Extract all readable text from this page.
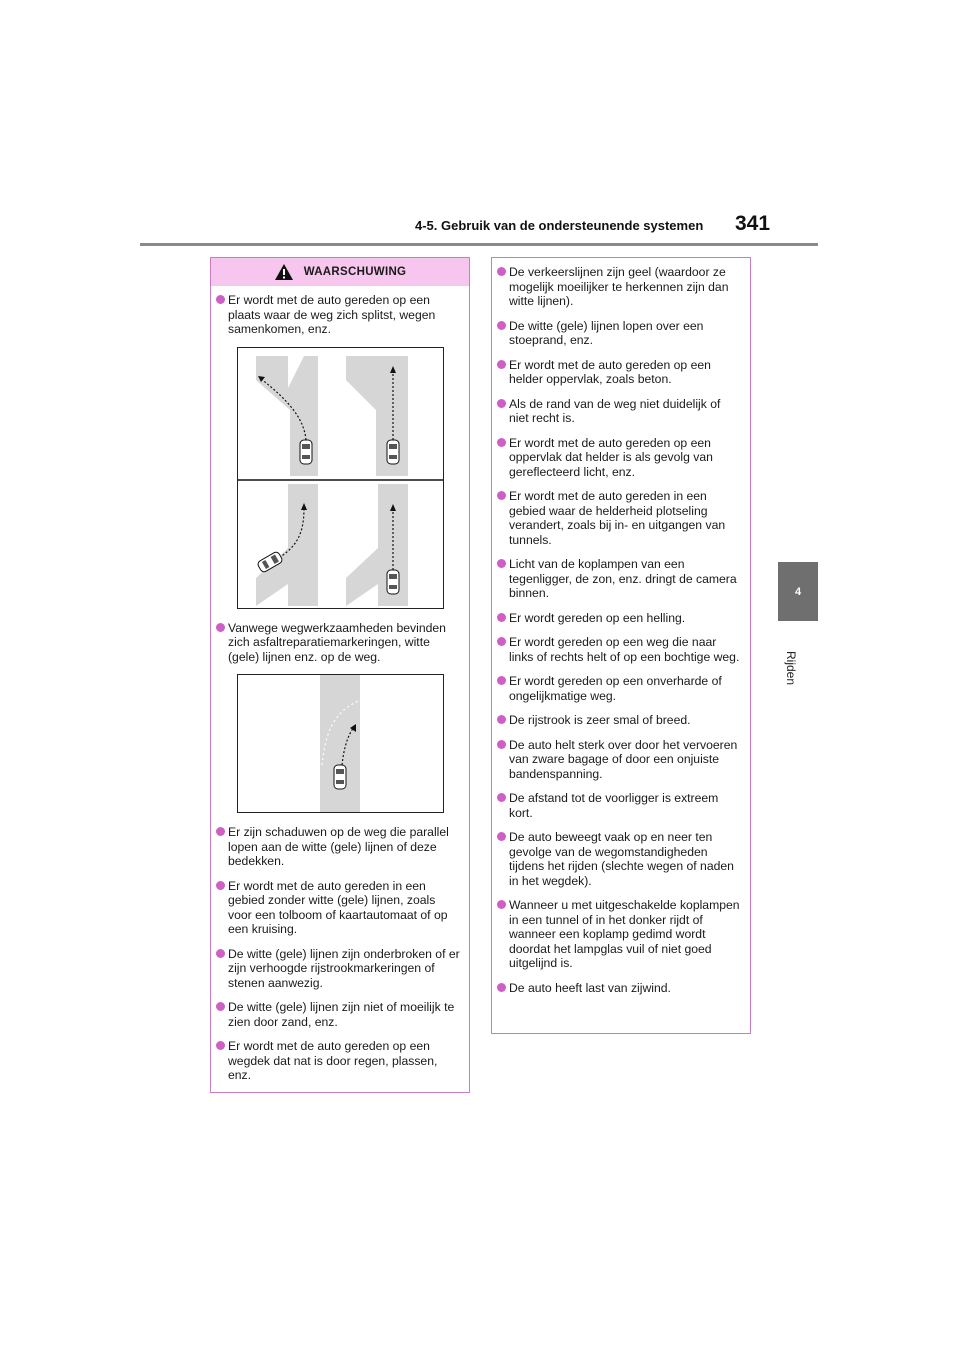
4-5. Gebruik van de ondersteunende systemen 341
4
Rijden
WAARSCHUWING
Er wordt met de auto gereden op een plaats waar de weg zich splitst, wegen samenkomen, enz.
Vanwege wegwerkzaamheden bevinden zich asfaltreparatiemarkeringen, witte (gele) lijnen enz. op de weg.
Er zijn schaduwen op de weg die parallel lopen aan de witte (gele) lijnen of deze bedekken.
Er wordt met de auto gereden in een gebied zonder witte (gele) lijnen, zoals voor een tolboom of kaartautomaat of op een kruising.
De witte (gele) lijnen zijn onderbroken of er zijn verhoogde rijstrookmarkeringen of stenen aanwezig.
De witte (gele) lijnen zijn niet of moeilijk te zien door zand, enz.
Er wordt met de auto gereden op een wegdek dat nat is door regen, plassen, enz.
De verkeerslijnen zijn geel (waardoor ze mogelijk moeilijker te herkennen zijn dan witte lijnen).
De witte (gele) lijnen lopen over een stoeprand, enz.
Er wordt met de auto gereden op een helder oppervlak, zoals beton.
Als de rand van de weg niet duidelijk of niet recht is.
Er wordt met de auto gereden op een oppervlak dat helder is als gevolg van gereflecteerd licht, enz.
Er wordt met de auto gereden in een gebied waar de helderheid plotseling verandert, zoals bij in- en uitgangen van tunnels.
Licht van de koplampen van een tegenligger, de zon, enz. dringt de camera binnen.
Er wordt gereden op een helling.
Er wordt gereden op een weg die naar links of rechts helt of op een bochtige weg.
Er wordt gereden op een onverharde of ongelijkmatige weg.
De rijstrook is zeer smal of breed.
De auto helt sterk over door het vervoeren van zware bagage of door een onjuiste bandenspanning.
De afstand tot de voorligger is extreem kort.
De auto beweegt vaak op en neer ten gevolge van de wegomstandigheden tijdens het rijden (slechte wegen of naden in het wegdek).
Wanneer u met uitgeschakelde koplampen in een tunnel of in het donker rijdt of wanneer een koplamp gedimd wordt doordat het lampglas vuil of niet goed uitgelijnd is.
De auto heeft last van zijwind.
